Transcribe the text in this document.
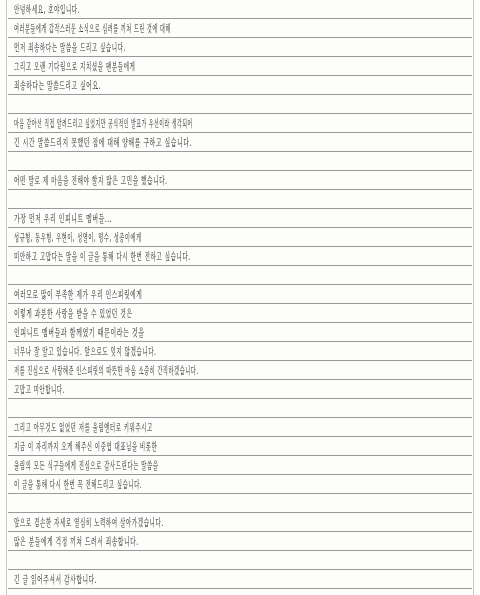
안녕하세요, 호야입니다.
여러분들에게 갑작스러운 소식으로 심려를 끼쳐 드린 것에 대해
먼저 죄송하다는 말씀을 드리고 싶습니다.
그리고 오랜 기다림으로 지치셨을 팬분들에게
죄송하다는 말씀드리고 싶어요.
마음 같아선 직접 알려드리고 싶었지만 공식적인 발표가 우선이라 생각되어
긴 시간 말씀드리지 못했던 점에 대해 양해를 구하고 싶습니다.
어떤 말로 제 마음을 전해야 할지 많은 고민을 했습니다.
가장 먼저 우리 인피니트 멤버들...
성규형, 동우형, 우현이, 성열이, 명수, 성종이에게
미안하고 고맙다는 말을 이 글을 통해 다시 한번 전하고 싶습니다.
여러모로 많이 부족한 제가 우리 인스피릿에게
이렇게 과분한 사랑을 받을 수 있었던 것은
인피니트 멤버들과 함께였기 때문이라는 것을
너무나 잘 알고 있습니다. 앞으로도 잊지 않겠습니다.
저를 진심으로 사랑해준 인스피릿의 따뜻한 마음 소중히 간직하겠습니다.
고맙고 미안합니다.
그리고 아무것도 없었던 저를 울림엔터로 키워주시고
지금 이 자리까지 오게 해주신 이중엽 대표님을 비롯한
울림의 모든 식구들에게 진심으로 감사드린다는 말씀을
이 글을 통해 다시 한번 꼭 전해드리고 싶습니다.
앞으로 겸손한 자세로 열심히 노력하여 살아가겠습니다.
많은 분들에게 걱정 끼쳐 드려서 죄송합니다.
긴 글 읽어주셔서 감사합니다.
